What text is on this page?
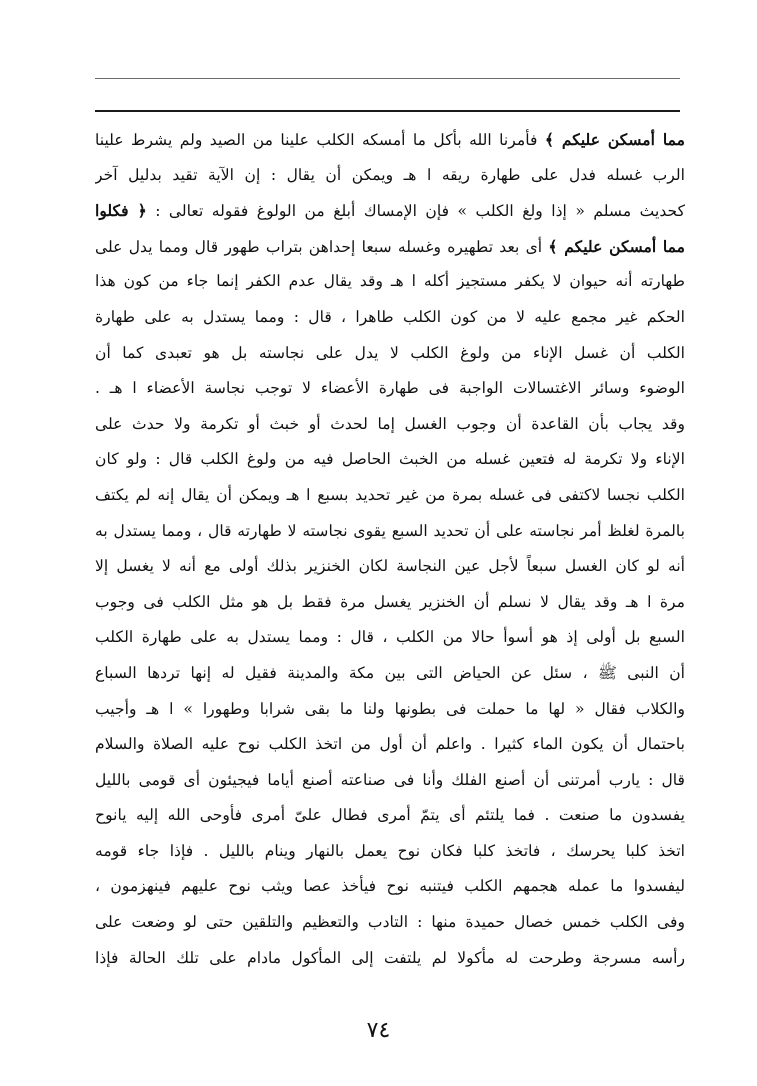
مما أمسكن عليكم ﴾ فأمرنا الله بأكل ما أمسكه الكلب علينا من الصيد ولم يشرط علينا
الرب غسله فدل على طهارة ريقه ا هـ ويمكن أن يقال : إن الآية تقيد بدليل آخر
كحديث مسلم « إذا ولغ الكلب » فإن الإمساك أبلغ من الولوغ فقوله تعالى : ﴿ فكلوا
مما أمسكن عليكم ﴾ أى بعد تطهيره وغسله سبعا إحداهن بتراب طهور قال ومما يدل على
طهارته أنه حيوان لا يكفر مستجيز أكله ا هـ وقد يقال عدم الكفر إنما جاء من كون هذا
الحكم غير مجمع عليه لا من كون الكلب طاهرا ، قال : ومما يستدل به على طهارة
الكلب أن غسل الإناء من ولوغ الكلب لا يدل على نجاسته بل هو تعبدى كما أن
الوضوء وسائر الاغتسالات الواجبة فى طهارة الأعضاء لا توجب نجاسة الأعضاء ا هـ .
وقد يجاب بأن القاعدة أن وجوب الغسل إما لحدث أو خبث أو تكرمة ولا حدث على
الإناء ولا تكرمة له فتعين غسله من الخبث الحاصل فيه من ولوغ الكلب قال : ولو كان
الكلب نجسا لاكتفى فى غسله بمرة من غير تحديد بسبع ا هـ ويمكن أن يقال إنه لم يكتف
بالمرة لغلظ أمر نجاسته على أن تحديد السبع يقوى نجاسته لا طهارته قال ، ومما يستدل به
أنه لو كان الغسل سبعاً لأجل عين النجاسة لكان الخنزير بذلك أولى مع أنه لا يغسل إلا
مرة ا هـ وقد يقال لا نسلم أن الخنزير يغسل مرة فقط بل هو مثل الكلب فى وجوب
السبع بل أولى إذ هو أسوأ حالا من الكلب ، قال : ومما يستدل به على طهارة الكلب
أن النبى ﷺ ، سئل عن الحياض التى بين مكة والمدينة فقيل له إنها تردها السباع
والكلاب فقال « لها ما حملت فى بطونها ولنا ما بقى شرابا وطهورا » ا هـ وأجيب
باحتمال أن يكون الماء كثيرا . واعلم أن أول من اتخذ الكلب نوح عليه الصلاة والسلام
قال : يارب أمرتنى أن أصنع الفلك وأنا فى صناعته أصنع أياما فيجيئون أى قومى بالليل
يفسدون ما صنعت . فما يلتئم أى يتمّ أمرى فطال علىّ أمرى فأوحى الله إليه يانوح
اتخذ كلبا يحرسك ، فاتخذ كلبا فكان نوح يعمل بالنهار وينام بالليل . فإذا جاء قومه
ليفسدوا ما عمله هجمهم الكلب فيتنبه نوح فيأخذ عصا ويثب نوح عليهم فينهزمون ،
وفى الكلب خمس خصال حميدة منها : التادب والتعظيم والتلقين حتى لو وضعت على
رأسه مسرجة وطرحت له مأكولا لم يلتفت إلى المأكول مادام على تلك الحالة فإذا
٧٤
